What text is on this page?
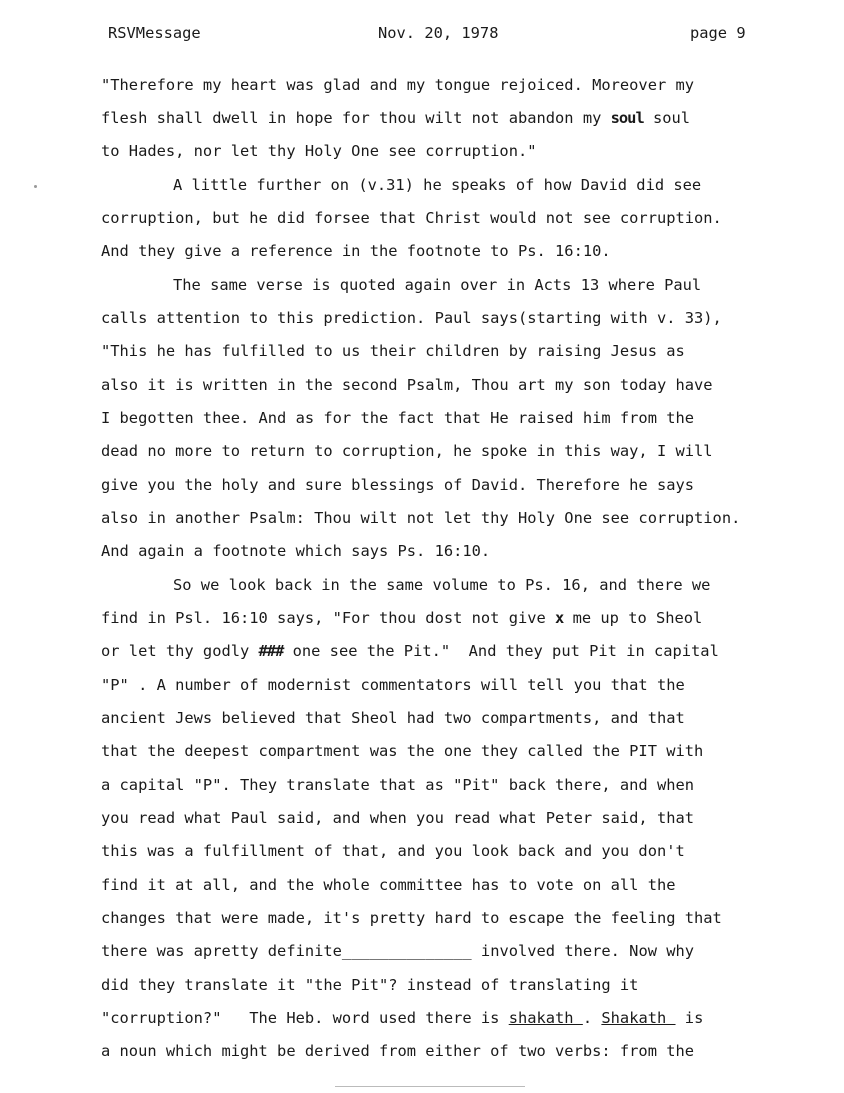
RSVMessage	Nov. 20, 1978	page 9
"Therefore my heart was glad and my tongue rejoiced. Moreover my
flesh shall dwell in hope for thou wilt not abandon my soul soul
to Hades, nor let thy Holy One see corruption."
A little further on (v.31) he speaks of how David did see
corruption, but he did forsee that Christ would not see corruption.
And they give a reference in the footnote to Ps. 16:10.
The same verse is quoted again over in Acts 13 where Paul
calls attention to this prediction. Paul says(starting with v. 33),
"This he has fulfilled to us their children by raising Jesus as
also it is written in the second Psalm, Thou art my son today have
I begotten thee. And as for the fact that He raised him from the
dead no more to return to corruption, he spoke in this way, I will
give you the holy and sure blessings of David. Therefore he says
also in another Psalm: Thou wilt not let thy Holy One see corruption.
And again a footnote which says Ps. 16:10.
So we look back in the same volume to Ps. 16, and there we
find in Psl. 16:10 says, "For thou dost not give x me up to Sheol
or let thy godly ### one see the Pit."  And they put Pit in capital
"P" . A number of modernist commentators will tell you that the
ancient Jews believed that Sheol had two compartments, and that
that the deepest compartment was the one they called the PIT with
a capital "P". They translate that as "Pit" back there, and when
you read what Paul said, and when you read what Peter said, that
this was a fulfillment of that, and you look back and you don't
find it at all, and the whole committee has to vote on all the
changes that were made, it's pretty hard to escape the feeling that
there was apretty definite______________ involved there. Now why
did they translate it "the Pit"? instead of translating it
"corruption?"   The Heb. word used there is shakath . Shakath  is
a noun which might be derived from either of two verbs: from the
